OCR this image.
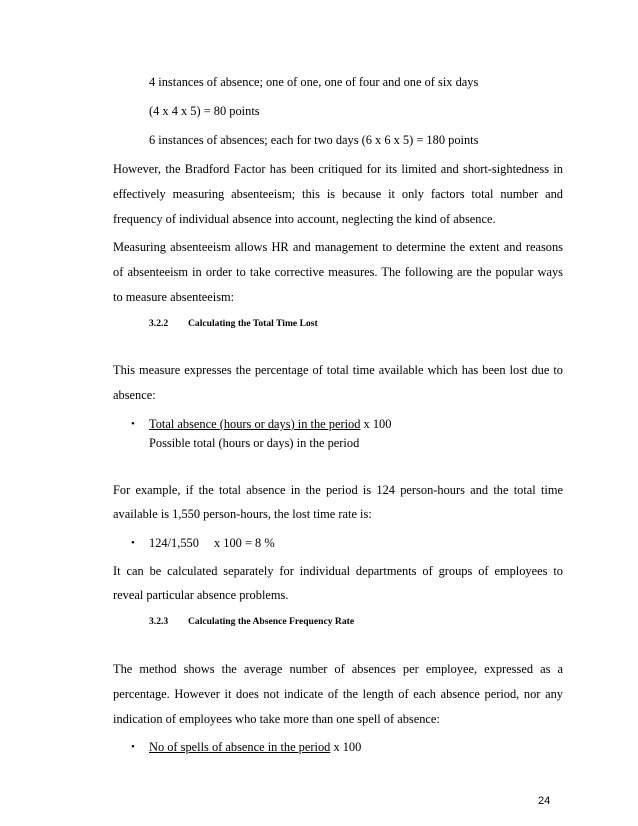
4 instances of absence; one of one, one of four and one of six days
(4 x 4 x 5) = 80 points
6 instances of absences; each for two days (6 x 6 x 5) = 180 points
However, the Bradford Factor has been critiqued for its limited and short-sightedness in
effectively measuring absenteeism; this is because it only factors total number and
frequency of individual absence into account, neglecting the kind of absence.
Measuring absenteeism allows HR and management to determine the extent and reasons
of absenteeism in order to take corrective measures. The following are the popular ways
to measure absenteeism:
3.2.2 Calculating the Total Time Lost
This measure expresses the percentage of total time available which has been lost due to
absence:
• Total absence (hours or days) in the period x 100
Possible total (hours or days) in the period
For example, if the total absence in the period is 124 person-hours and the total time
available is 1,550 person-hours, the lost time rate is:
• 124/1,550 x 100 = 8 %
It can be calculated separately for individual departments of groups of employees to
reveal particular absence problems.
3.2.3 Calculating the Absence Frequency Rate
The method shows the average number of absences per employee, expressed as a
percentage. However it does not indicate of the length of each absence period, nor any
indication of employees who take more than one spell of absence:
• No of spells of absence in the period x 100
24
